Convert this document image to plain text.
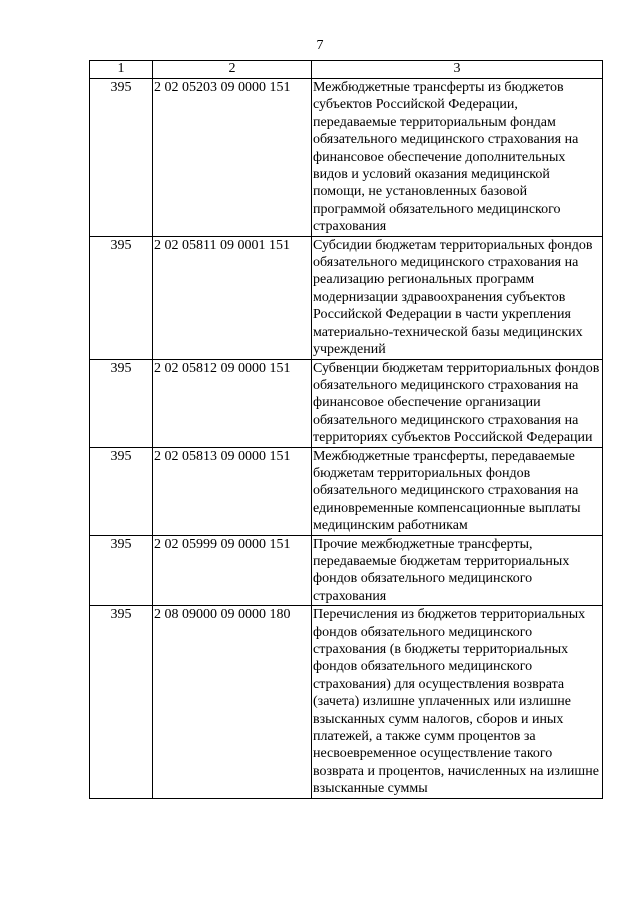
7
1	2	3
395	2 02 05203 09 0000 151	Межбюджетные трансферты из бюджетов субъектов Российской Федерации, передаваемые территориальным фондам обязательного медицинского страхования на финансовое обеспечение дополнительных видов и условий оказания медицинской помощи, не установленных базовой программой обязательного медицинского страхования
395	2 02 05811 09 0001 151	Субсидии бюджетам территориальных фондов обязательного медицинского страхования на реализацию региональных программ модернизации здравоохранения субъектов Российской Федерации в части укрепления материально-технической базы медицинских учреждений
395	2 02 05812 09 0000 151	Субвенции бюджетам территориальных фондов обязательного медицинского страхования на финансовое обеспечение организации обязательного медицинского страхования на территориях субъектов Российской Федерации
395	2 02 05813 09 0000 151	Межбюджетные трансферты, передаваемые бюджетам территориальных фондов обязательного медицинского страхования на единовременные компенсационные выплаты медицинским работникам
395	2 02 05999 09 0000 151	Прочие межбюджетные трансферты, передаваемые бюджетам территориальных фондов обязательного медицинского страхования
395	2 08 09000 09 0000 180	Перечисления из бюджетов территориальных фондов обязательного медицинского страхования (в бюджеты территориальных фондов обязательного медицинского страхования) для осуществления возврата (зачета) излишне уплаченных или излишне взысканных сумм налогов, сборов и иных платежей, а также сумм процентов за несвоевременное осуществление такого возврата и процентов, начисленных на излишне взысканные суммы
